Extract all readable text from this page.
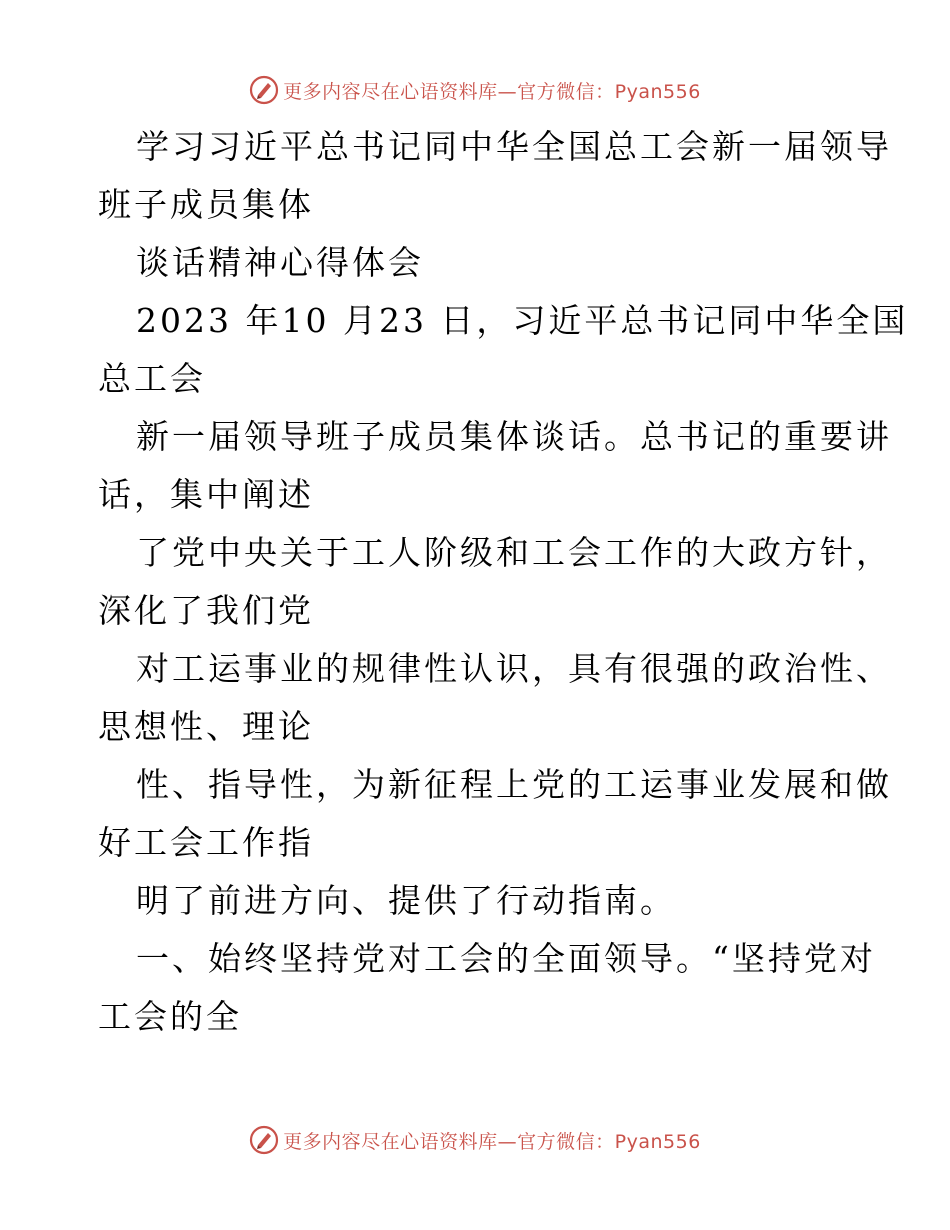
更多内容尽在心语资料库—官方微信：Pyan556
学习习近平总书记同中华全国总工会新一届领导
班子成员集体
谈话精神心得体会
2023 年10 月23 日，习近平总书记同中华全国
总工会
新一届领导班子成员集体谈话。总书记的重要讲
话，集中阐述
了党中央关于工人阶级和工会工作的大政方针，
深化了我们党
对工运事业的规律性认识，具有很强的政治性、
思想性、理论
性、指导性，为新征程上党的工运事业发展和做
好工会工作指
明了前进方向、提供了行动指南。
一、始终坚持党对工会的全面领导。“坚持党对
工会的全
更多内容尽在心语资料库—官方微信：Pyan556
